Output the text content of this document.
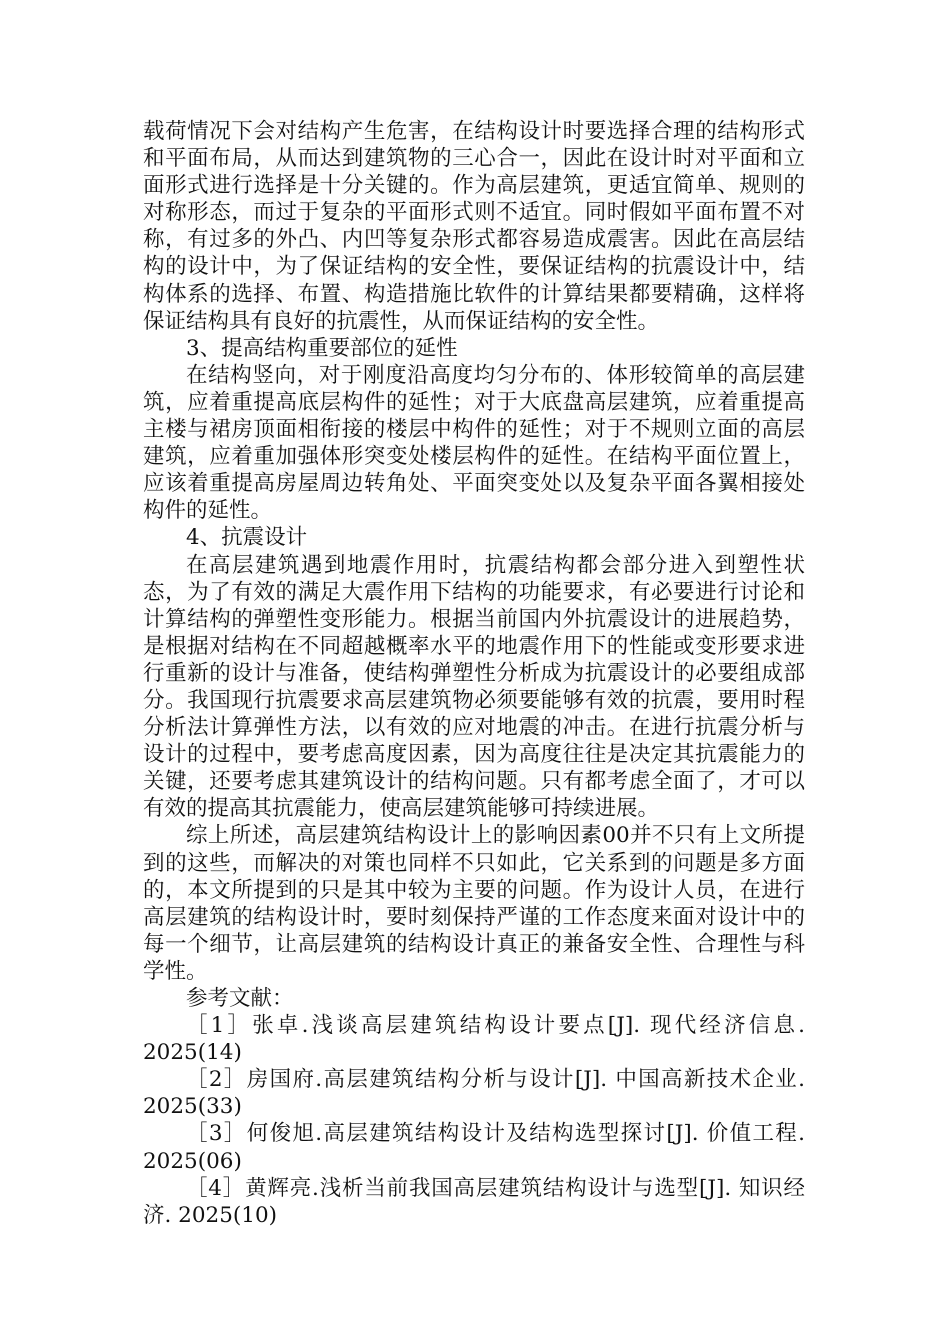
载荷情况下会对结构产生危害，在结构设计时要选择合理的结构形式和平面布局，从而达到建筑物的三心合一，因此在设计时对平面和立面形式进行选择是十分关键的。作为高层建筑，更适宜简单、规则的对称形态，而过于复杂的平面形式则不适宜。同时假如平面布置不对称，有过多的外凸、内凹等复杂形式都容易造成震害。因此在高层结构的设计中，为了保证结构的安全性，要保证结构的抗震设计中，结构体系的选择、布置、构造措施比软件的计算结果都要精确，这样将保证结构具有良好的抗震性，从而保证结构的安全性。

3、提高结构重要部位的延性

在结构竖向，对于刚度沿高度均匀分布的、体形较简单的高层建筑，应着重提高底层构件的延性；对于大底盘高层建筑，应着重提高主楼与裙房顶面相衔接的楼层中构件的延性；对于不规则立面的高层建筑，应着重加强体形突变处楼层构件的延性。在结构平面位置上，应该着重提高房屋周边转角处、平面突变处以及复杂平面各翼相接处构件的延性。

4、抗震设计

在高层建筑遇到地震作用时，抗震结构都会部分进入到塑性状态，为了有效的满足大震作用下结构的功能要求，有必要进行讨论和计算结构的弹塑性变形能力。根据当前国内外抗震设计的进展趋势，是根据对结构在不同超越概率水平的地震作用下的性能或变形要求进行重新的设计与准备，使结构弹塑性分析成为抗震设计的必要组成部分。我国现行抗震要求高层建筑物必须要能够有效的抗震，要用时程分析法计算弹性方法，以有效的应对地震的冲击。在进行抗震分析与设计的过程中，要考虑高度因素，因为高度往往是决定其抗震能力的关键，还要考虑其建筑设计的结构问题。只有都考虑全面了，才可以有效的提高其抗震能力，使高层建筑能够可持续进展。

综上所述，高层建筑结构设计上的影响因素00并不只有上文所提到的这些，而解决的对策也同样不只如此，它关系到的问题是多方面的，本文所提到的只是其中较为主要的问题。作为设计人员，在进行高层建筑的结构设计时，要时刻保持严谨的工作态度来面对设计中的每一个细节，让高层建筑的结构设计真正的兼备安全性、合理性与科学性。

参考文献：

［1］张卓.浅谈高层建筑结构设计要点[J]. 现代经济信息. 2025(14)

［2］房国府.高层建筑结构分析与设计[J]. 中国高新技术企业. 2025(33)

［3］何俊旭.高层建筑结构设计及结构选型探讨[J]. 价值工程. 2025(06)

［4］黄辉亮.浅析当前我国高层建筑结构设计与选型[J]. 知识经济. 2025(10)
